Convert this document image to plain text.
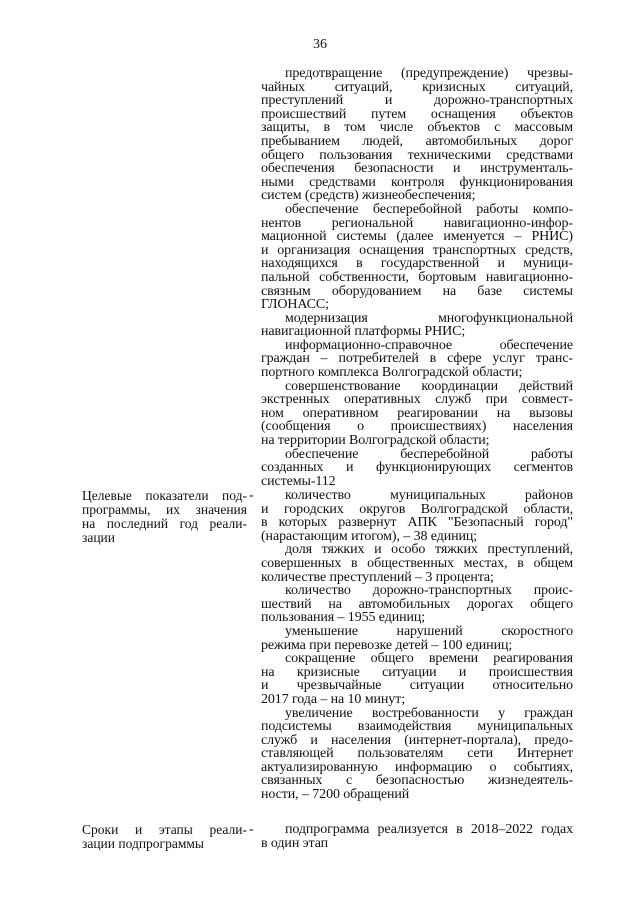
36
предотвращение (предупреждение) чрезвы-
чайных ситуаций, кризисных ситуаций,
преступлений и дорожно-транспортных
происшествий путем оснащения объектов
защиты, в том числе объектов с массовым
пребыванием людей, автомобильных дорог
общего пользования техническими средствами
обеспечения безопасности и инструменталь-
ными средствами контроля функционирования
систем (средств) жизнеобеспечения;
обеспечение бесперебойной работы компо-
нентов региональной навигационно-инфор-
мационной системы (далее именуется – РНИС)
и организация оснащения транспортных средств,
находящихся в государственной и муници-
пальной собственности, бортовым навигационно-
связным оборудованием на базе системы
ГЛОНАСС;
модернизация многофункциональной
навигационной платформы РНИС;
информационно-справочное обеспечение
граждан – потребителей в сфере услуг транс-
портного комплекса Волгоградской области;
совершенствование координации действий
экстренных оперативных служб при совмест-
ном оперативном реагировании на вызовы
(сообщения о происшествиях) населения
на территории Волгоградской области;
обеспечение бесперебойной работы
созданных и функционирующих сегментов
системы-112
Целевые показатели под-
программы, их значения
на последний год реали-
зации
-	количество муниципальных районов
и городских округов Волгоградской области,
в которых развернут АПК "Безопасный город"
(нарастающим итогом), – 38 единиц;
доля тяжких и особо тяжких преступлений,
совершенных в общественных местах, в общем
количестве преступлений – 3 процента;
количество дорожно-транспортных проис-
шествий на автомобильных дорогах общего
пользования – 1955 единиц;
уменьшение нарушений скоростного
режима при перевозке детей – 100 единиц;
сокращение общего времени реагирования
на кризисные ситуации и происшествия
и чрезвычайные ситуации относительно
2017 года – на 10 минут;
увеличение востребованности у граждан
подсистемы взаимодействия муниципальных
служб и населения (интернет-портала), предо-
ставляющей пользователям сети Интернет
актуализированную информацию о событиях,
связанных с безопасностью жизнедеятель-
ности, – 7200 обращений
Сроки и этапы реали-
зации подпрограммы
-	подпрограмма реализуется в 2018–2022 годах
в один этап
